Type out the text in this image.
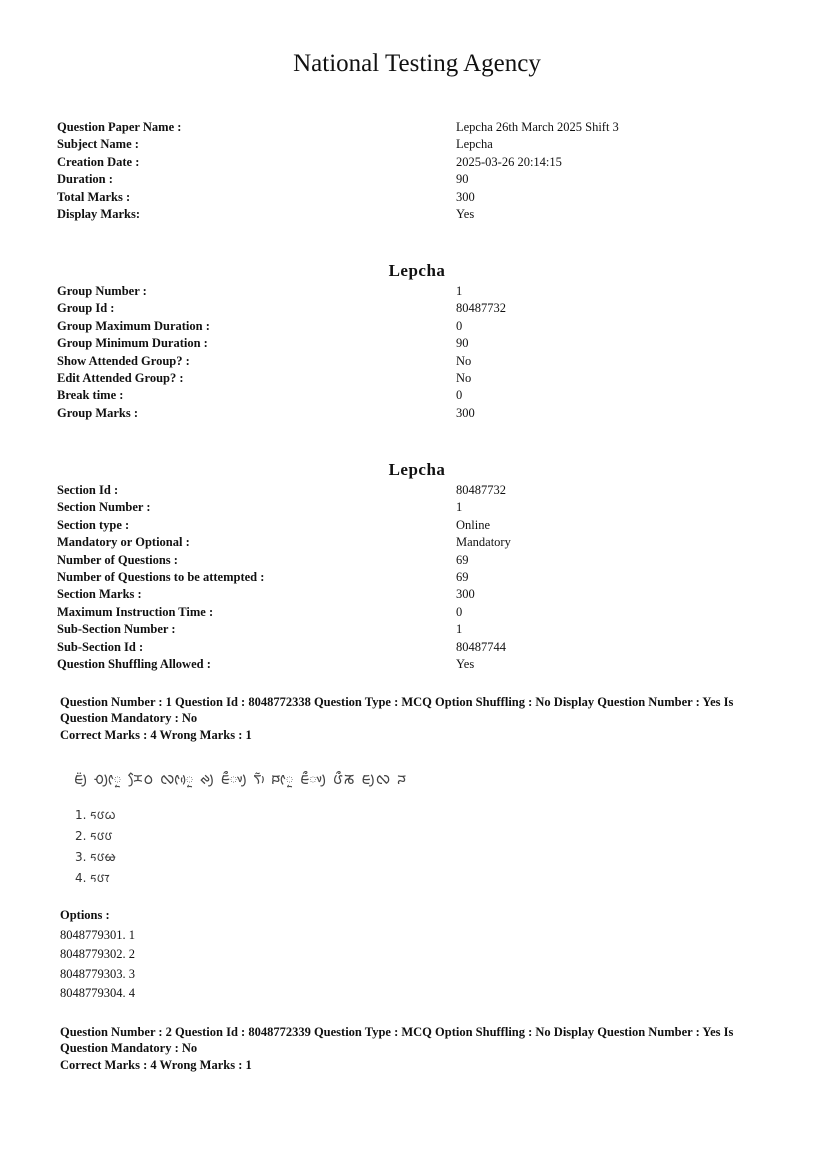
National Testing Agency
Question Paper Name :	Lepcha 26th March 2025 Shift 3
Subject Name :	Lepcha
Creation Date :	2025-03-26 20:14:15
Duration :	90
Total Marks :	300
Display Marks:	Yes
Lepcha
Group Number :	1
Group Id :	80487732
Group Maximum Duration :	0
Group Minimum Duration :	90
Show Attended Group? :	No
Edit Attended Group? :	No
Break time :	0
Group Marks :	300
Lepcha
Section Id :	80487732
Section Number :	1
Section type :	Online
Mandatory or Optional :	Mandatory
Number of Questions :	69
Number of Questions to be attempted :	69
Section Marks :	300
Maximum Instruction Time :	0
Sub-Section Number :	1
Sub-Section Id :	80487744
Question Shuffling Allowed :	Yes
Question Number : 1 Question Id : 8048772338 Question Type : MCQ Option Shuffling : No Display Question Number : Yes Is
Question Mandatory : No
Correct Marks : 4 Wrong Marks : 1
ᰀᰪᰮ ᰆᰪᰦᰬ ᰌᰧᰓ ᰜᰦᰬᰴ ᰊᰪ ᰀᰰᰤᰪ ᰛᰥᰶ ᰐᰦᰬ ᰀᰰᰤᰪ ᰂᰰᰕ ᰀᰪᰜ ᰎ
1. ᰁᰂᰃ
2. ᰁᰂᰂ
3. ᰁᰂᰄ
4. ᰁᰂᰅ
Options :
8048779301. 1
8048779302. 2
8048779303. 3
8048779304. 4
Question Number : 2 Question Id : 8048772339 Question Type : MCQ Option Shuffling : No Display Question Number : Yes Is
Question Mandatory : No
Correct Marks : 4 Wrong Marks : 1
